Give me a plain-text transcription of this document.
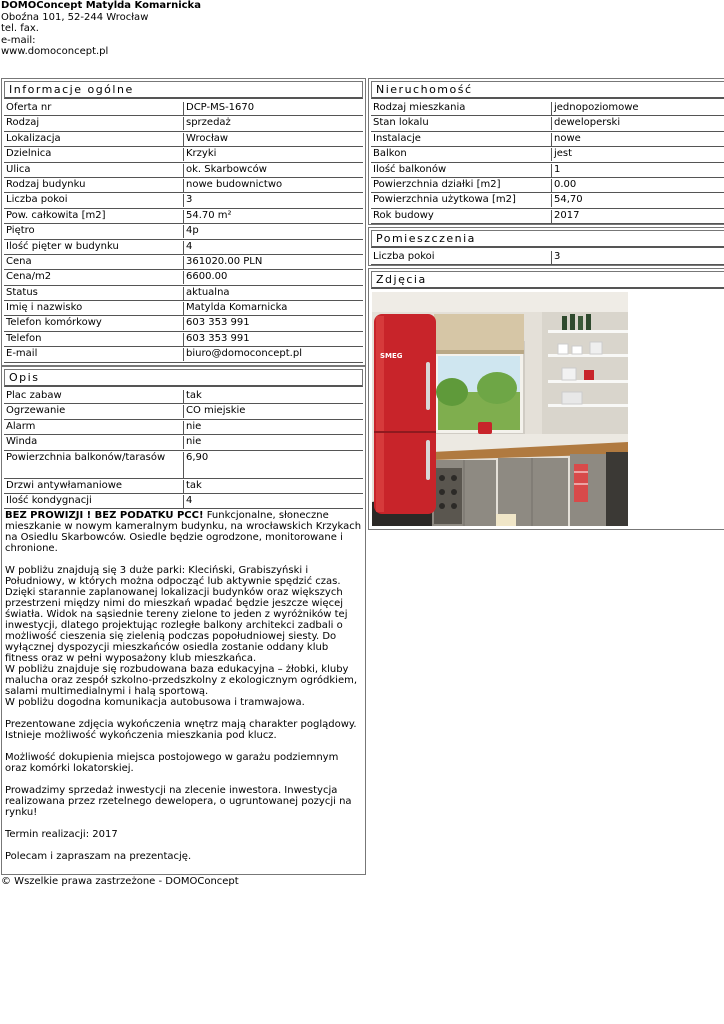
DOMOConcept Matylda Komarnicka
Oboźna 101, 52-244 Wrocław
tel. fax.
e-mail:
www.domoconcept.pl
Informacje ogólne
Oferta nr	DCP-MS-1670
Rodzaj	sprzedaż
Lokalizacja	Wrocław
Dzielnica	Krzyki
Ulica	ok. Skarbowców
Rodzaj budynku	nowe budownictwo
Liczba pokoi	3
Pow. całkowita [m2]	54.70 m²
Piętro	4p
Ilość pięter w budynku	4
Cena	361020.00 PLN
Cena/m2	6600.00
Status	aktualna
Imię i nazwisko	Matylda Komarnicka
Telefon komórkowy	603 353 991
Telefon	603 353 991
E-mail	biuro@domoconcept.pl
Opis
Plac zabaw	tak
Ogrzewanie	CO miejskie
Alarm	nie
Winda	nie
Powierzchnia balkonów/tarasów	6,90
Drzwi antywłamaniowe	tak
Ilość kondygnacji	4

BEZ PROWIZJI ! BEZ PODATKU PCC! Funkcjonalne, słoneczne mieszkanie w nowym kameralnym budynku, na wrocławskich Krzykach na Osiedlu Skarbowców. Osiedle będzie ogrodzone, monitorowane i chronione.

W pobliżu znajdują się 3 duże parki: Kleciński, Grabiszyński i Południowy, w których można odpocząć lub aktywnie spędzić czas. Dzięki starannie zaplanowanej lokalizacji budynków oraz większych przestrzeni między nimi do mieszkań wpadać będzie jeszcze więcej światła. Widok na sąsiednie tereny zielone to jeden z wyróżników tej inwestycji, dlatego projektując rozległe balkony architekci zadbali o możliwość cieszenia się zielenią podczas popołudniowej siesty. Do wyłącznej dyspozycji mieszkańców osiedla zostanie oddany klub fitness oraz w pełni wyposażony klub mieszkańca.
W pobliżu znajduje się rozbudowana baza edukacyjna – żłobki, kluby malucha oraz zespół szkolno-przedszkolny z ekologicznym ogródkiem, salami multimedialnymi i halą sportową.

W pobliżu dogodna komunikacja autobusowa i tramwajowa.

Prezentowane zdjęcia wykończenia wnętrz mają charakter poglądowy. Istnieje możliwość wykończenia mieszkania pod klucz.

Możliwość dokupienia miejsca postojowego w garażu podziemnym oraz komórki lokatorskiej.

Prowadzimy sprzedaż inwestycji na zlecenie inwestora. Inwestycja realizowana przez rzetelnego dewelopera, o ugruntowanej pozycji na rynku!

Termin realizacji: 2017

Polecam i zapraszam na prezentację.

Nieruchomość
Rodzaj mieszkania	jednopoziomowe
Stan lokalu	deweloperski
Instalacje	nowe
Balkon	jest
Ilość balkonów	1
Powierzchnia działki [m2]	0.00
Powierzchnia użytkowa [m2]	54,70
Rok budowy	2017
Pomieszczenia
Liczba pokoi	3
Zdjęcia
SMEG
© Wszelkie prawa zastrzeżone - DOMOConcept
